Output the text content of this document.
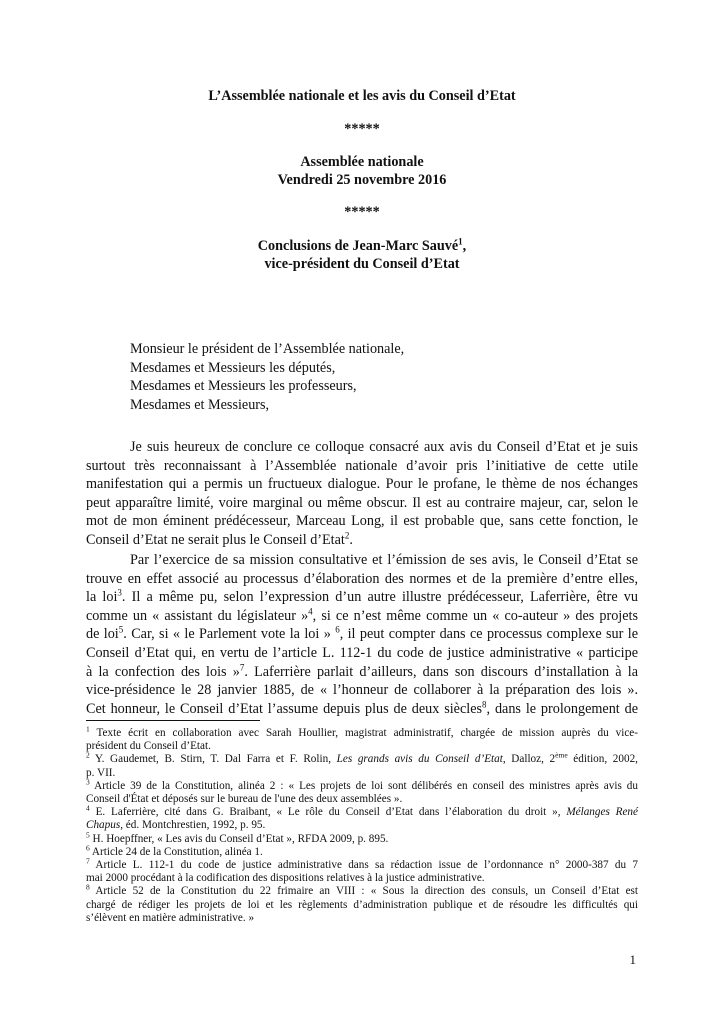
L’Assemblée nationale et les avis du Conseil d’Etat
*****
Assemblée nationale
Vendredi 25 novembre 2016
*****
Conclusions de Jean-Marc Sauvé$^1$,
vice-président du Conseil d’Etat
Monsieur le président de l’Assemblée nationale,
Mesdames et Messieurs les députés,
Mesdames et Messieurs les professeurs,
Mesdames et Messieurs,
Je suis heureux de conclure ce colloque consacré aux avis du Conseil d’Etat et je suis
surtout très reconnaissant à l’Assemblée nationale d’avoir pris l’initiative de cette utile
manifestation qui a permis un fructueux dialogue. Pour le profane, le thème de nos échanges
peut apparaître limité, voire marginal ou même obscur. Il est au contraire majeur, car, selon le
mot de mon éminent prédécesseur, Marceau Long, il est probable que, sans cette fonction, le
Conseil d’Etat ne serait plus le Conseil d’Etat$^2$.
Par l’exercice de sa mission consultative et l’émission de ses avis, le Conseil d’Etat se
trouve en effet associé au processus d’élaboration des normes et de la première d’entre elles,
la loi$^3$. Il a même pu, selon l’expression d’un autre illustre prédécesseur, Laferrière, être vu
comme un « assistant du législateur »$^4$, si ce n’est même comme un « co-auteur » des projets
de loi$^5$. Car, si « le Parlement vote la loi » $^6$, il peut compter dans ce processus complexe sur le
Conseil d’Etat qui, en vertu de l’article L. 112-1 du code de justice administrative « participe
à la confection des lois »$^7$. Laferrière parlait d’ailleurs, dans son discours d’installation à la
vice-présidence le 28 janvier 1885, de « l’honneur de collaborer à la préparation des lois ».
Cet honneur, le Conseil d’Etat l’assume depuis plus de deux siècles$^8$, dans le prolongement de
$^1$ Texte écrit en collaboration avec Sarah Houllier, magistrat administratif, chargée de mission auprès du vice-
président du Conseil d’Etat.
$^2$ Y. Gaudemet, B. Stirn, T. Dal Farra et F. Rolin, Les grands avis du Conseil d’Etat, Dalloz, 2ème édition, 2002,
p. VII.
$^3$ Article 39 de la Constitution, alinéa 2 : « Les projets de loi sont délibérés en conseil des ministres après avis du
Conseil d'État et déposés sur le bureau de l'une des deux assemblées ».
$^4$ E. Laferrière, cité dans G. Braibant, « Le rôle du Conseil d’Etat dans l’élaboration du droit », Mélanges René
Chapus, éd. Montchrestien, 1992, p. 95.
$^5$ H. Hoepffner, « Les avis du Conseil d’Etat », RFDA 2009, p. 895.
$^6$ Article 24 de la Constitution, alinéa 1.
$^7$ Article L. 112-1 du code de justice administrative dans sa rédaction issue de l’ordonnance n° 2000-387 du 7
mai 2000 procédant à la codification des dispositions relatives à la justice administrative.
$^8$ Article 52 de la Constitution du 22 frimaire an VIII : « Sous la direction des consuls, un Conseil d’Etat est
chargé de rédiger les projets de loi et les règlements d’administration publique et de résoudre les difficultés qui
s’élèvent en matière administrative. »
1
